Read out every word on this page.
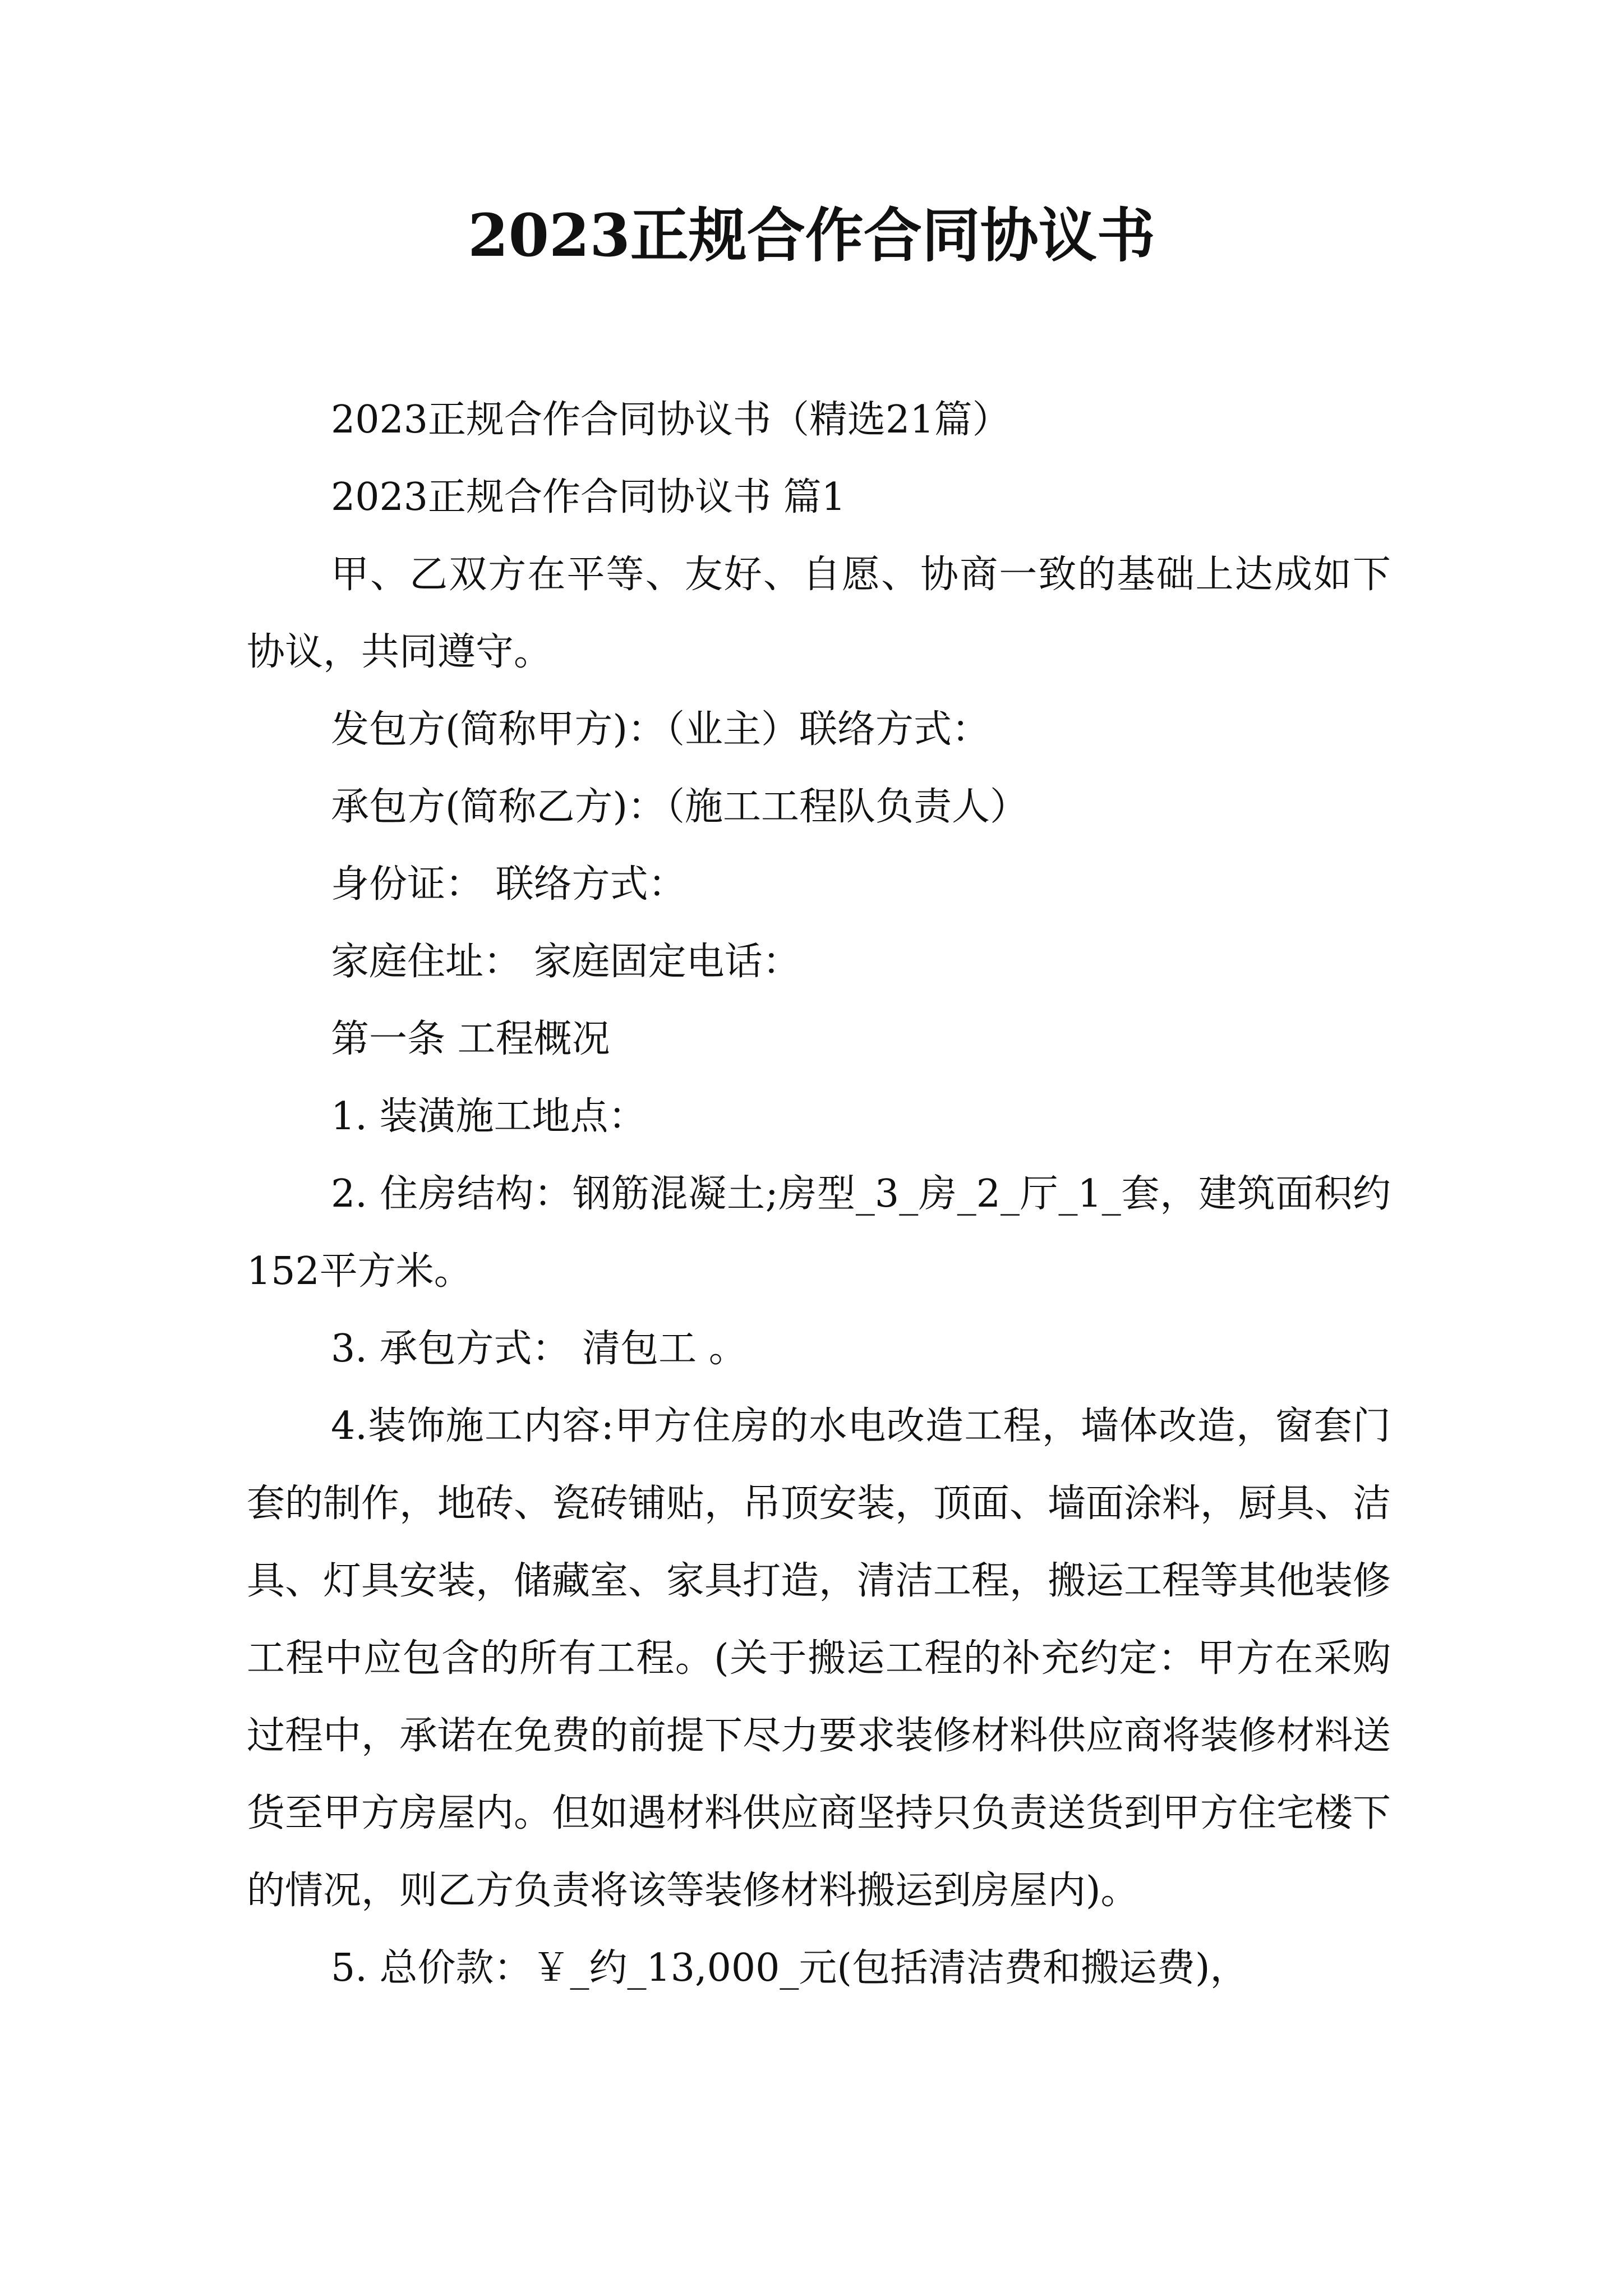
2023正规合作合同协议书

2023正规合作合同协议书（精选21篇）

2023正规合作合同协议书 篇1

甲、乙双方在平等、友好、自愿、协商一致的基础上达成如下协议，共同遵守。

发包方(简称甲方)：（业主）联络方式：

承包方(简称乙方)：（施工工程队负责人）

身份证： 联络方式：

家庭住址： 家庭固定电话：

第一条 工程概况

1. 装潢施工地点：

2. 住房结构：钢筋混凝土;房型_3_房_2_厅_1_套，建筑面积约152平方米。

3. 承包方式： 清包工 。

4.装饰施工内容:甲方住房的水电改造工程，墙体改造，窗套门套的制作，地砖、瓷砖铺贴，吊顶安装，顶面、墙面涂料，厨具、洁具、灯具安装，储藏室、家具打造，清洁工程，搬运工程等其他装修工程中应包含的所有工程。(关于搬运工程的补充约定：甲方在采购过程中，承诺在免费的前提下尽力要求装修材料供应商将装修材料送货至甲方房屋内。但如遇材料供应商坚持只负责送货到甲方住宅楼下的情况，则乙方负责将该等装修材料搬运到房屋内)。

5. 总价款：￥_约_13,000_元(包括清洁费和搬运费)，
